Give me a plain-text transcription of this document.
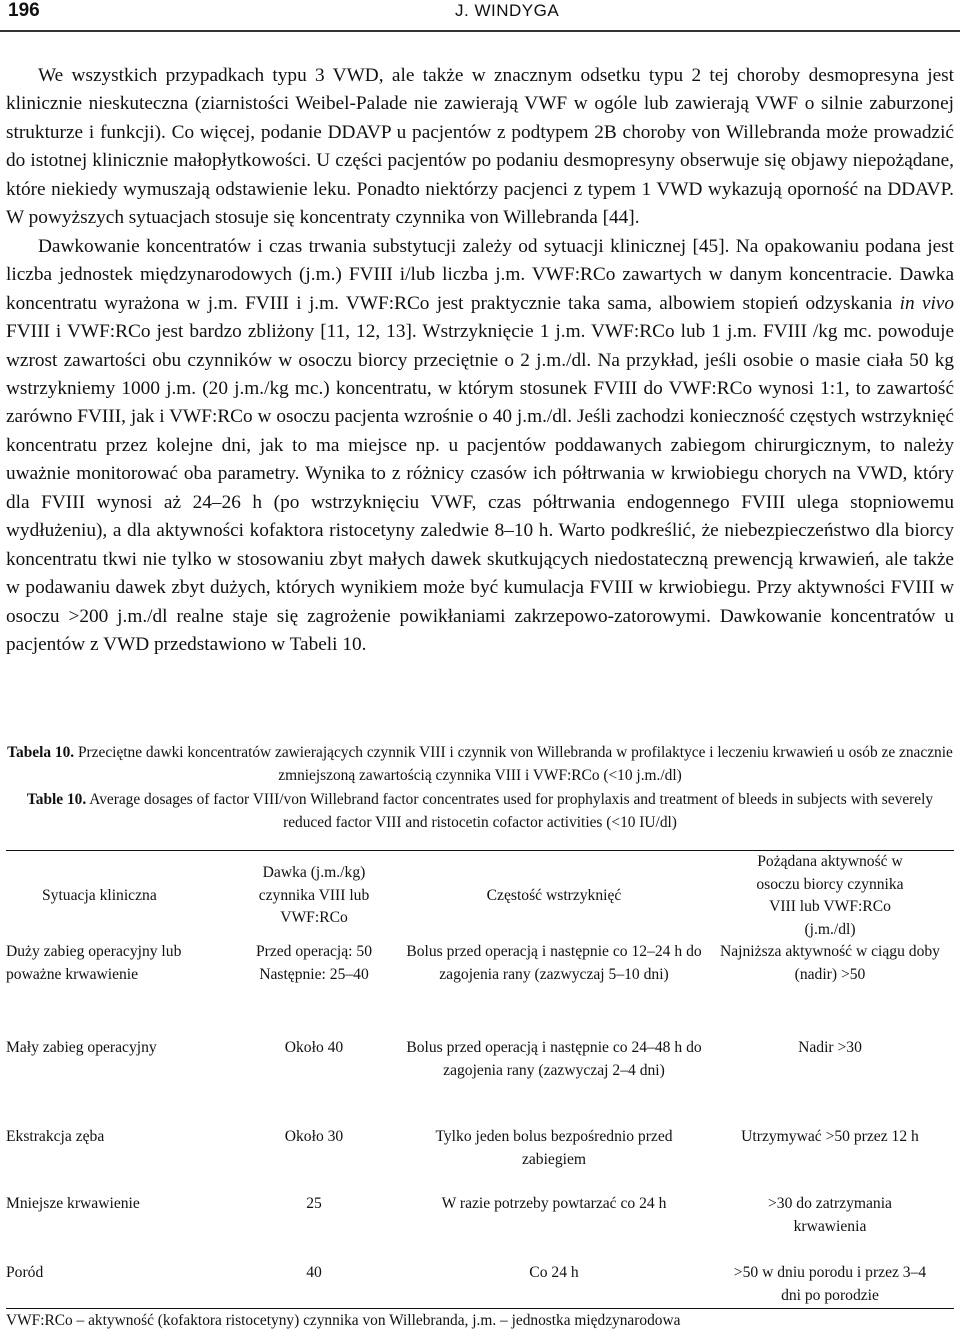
196	J. WINDYGA

We wszystkich przypadkach typu 3 VWD, ale także w znacznym odsetku typu 2 tej choroby desmopresyna jest klinicznie nieskuteczna (ziarnistości Weibel-Palade nie zawierają VWF w ogóle lub zawierają VWF o silnie zaburzonej strukturze i funkcji). Co więcej, podanie DDAVP u pacjentów z podtypem 2B choroby von Willebranda może prowadzić do istotnej klinicznie małopłytkowości. U części pacjentów po podaniu desmopresyny obserwuje się objawy niepożądane, które niekiedy wymuszają odstawienie leku. Ponadto niektórzy pacjenci z typem 1 VWD wykazują oporność na DDAVP. W powyższych sytuacjach stosuje się koncentraty czynnika von Willebranda [44].

Dawkowanie koncentratów i czas trwania substytucji zależy od sytuacji klinicznej [45]. Na opakowaniu podana jest liczba jednostek międzynarodowych (j.m.) FVIII i/lub liczba j.m. VWF:RCo zawartych w danym koncentracie. Dawka koncentratu wyrażona w j.m. FVIII i j.m. VWF:RCo jest praktycznie taka sama, albowiem stopień odzyskania in vivo FVIII i VWF:RCo jest bardzo zbliżony [11, 12, 13]. Wstrzyknięcie 1 j.m. VWF:RCo lub 1 j.m. FVIII /kg mc. powoduje wzrost zawartości obu czynników w osoczu biorcy przeciętnie o 2 j.m./dl. Na przykład, jeśli osobie o masie ciała 50 kg wstrzykniemy 1000 j.m. (20 j.m./kg mc.) koncentratu, w którym stosunek FVIII do VWF:RCo wynosi 1:1, to zawartość zarówno FVIII, jak i VWF:RCo w osoczu pacjenta wzrośnie o 40 j.m./dl. Jeśli zachodzi konieczność częstych wstrzyknięć koncentratu przez kolejne dni, jak to ma miejsce np. u pacjentów poddawanych zabiegom chirurgicznym, to należy uważnie monitorować oba parametry. Wynika to z różnicy czasów ich półtrwania w krwiobiegu chorych na VWD, który dla FVIII wynosi aż 24–26 h (po wstrzyknięciu VWF, czas półtrwania endogennego FVIII ulega stopniowemu wydłużeniu), a dla aktywności kofaktora ristocetyny zaledwie 8–10 h. Warto podkreślić, że niebezpieczeństwo dla biorcy koncentratu tkwi nie tylko w stosowaniu zbyt małych dawek skutkujących niedostateczną prewencją krwawień, ale także w podawaniu dawek zbyt dużych, których wynikiem może być kumulacja FVIII w krwiobiegu. Przy aktywności FVIII w osoczu >200 j.m./dl realne staje się zagrożenie powikłaniami zakrzepowo-zatorowymi. Dawkowanie koncentratów u pacjentów z VWD przedstawiono w Tabeli 10.

Tabela 10. Przeciętne dawki koncentratów zawierających czynnik VIII i czynnik von Willebranda w profilaktyce i leczeniu krwawień u osób ze znacznie zmniejszoną zawartością czynnika VIII i VWF:RCo (<10 j.m./dl)
Table 10. Average dosages of factor VIII/von Willebrand factor concentrates used for prophylaxis and treatment of bleeds in subjects with severely reduced factor VIII and ristocetin cofactor activities (<10 IU/dl)
Sytuacja kliniczna	Dawka (j.m./kg) czynnika VIII lub VWF:RCo	Częstość wstrzyknięć	Pożądana aktywność w osoczu biorcy czynnika VIII lub VWF:RCo (j.m./dl)
Duży zabieg operacyjny lub poważne krwawienie	Przed operacją: 50 Następnie: 25–40	Bolus przed operacją i następnie co 12–24 h do zagojenia rany (zazwyczaj 5–10 dni)	Najniższa aktywność w ciągu doby (nadir) >50
Mały zabieg operacyjny	Około 40	Bolus przed operacją i następnie co 24–48 h do zagojenia rany (zazwyczaj 2–4 dni)	Nadir >30
Ekstrakcja zęba	Około 30	Tylko jeden bolus bezpośrednio przed zabiegiem	Utrzymywać >50 przez 12 h
Mniejsze krwawienie	25	W razie potrzeby powtarzać co 24 h	>30 do zatrzymania krwawienia
Poród	40	Co 24 h	>50 w dniu porodu i przez 3–4 dni po porodzie
VWF:RCo – aktywność (kofaktora ristocetyny) czynnika von Willebranda, j.m. – jednostka międzynarodowa
